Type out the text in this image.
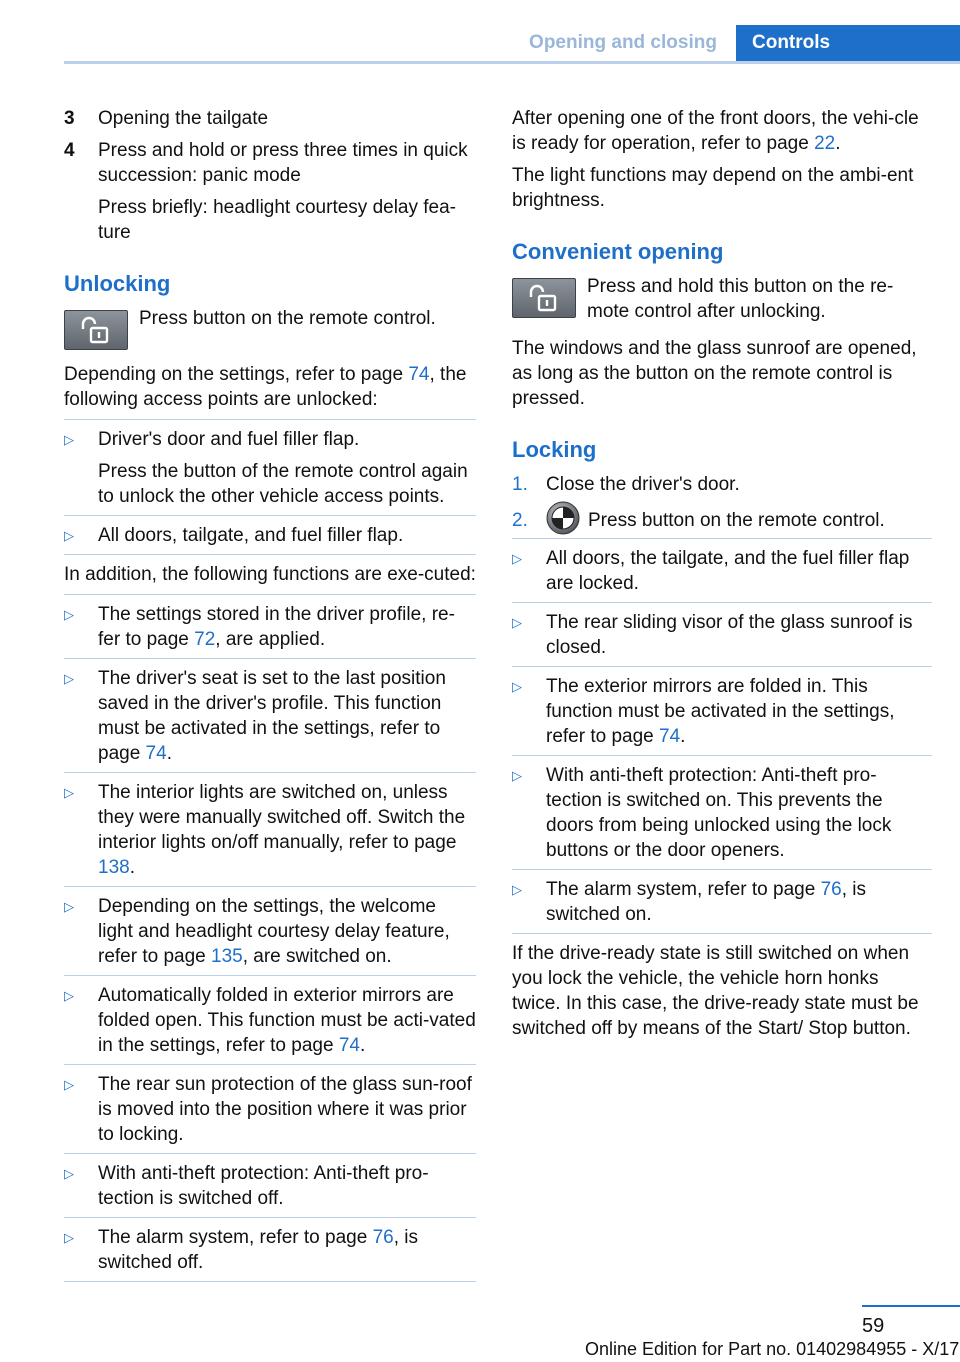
Opening and closing	Controls
3	Opening the tailgate

4	Press and hold or press three times in quick succession: panic mode

Press briefly: headlight courtesy delay fea-ture

Unlocking
Press button on the remote control.

Depending on the settings, refer to page 74, the following access points are unlocked:

▷	Driver's door and fuel filler flap.

Press the button of the remote control again to unlock the other vehicle access points.

▷	All doors, tailgate, and fuel filler flap.

In addition, the following functions are exe-cuted:

▷	The settings stored in the driver profile, re-fer to page 72, are applied.

▷	The driver's seat is set to the last position saved in the driver's profile. This function must be activated in the settings, refer to page 74.

▷	The interior lights are switched on, unless they were manually switched off. Switch the interior lights on/off manually, refer to page 138.

▷	Depending on the settings, the welcome light and headlight courtesy delay feature, refer to page 135, are switched on.

▷	Automatically folded in exterior mirrors are folded open. This function must be acti-vated in the settings, refer to page 74.

▷	The rear sun protection of the glass sun-roof is moved into the position where it was prior to locking.

▷	With anti-theft protection: Anti-theft pro-tection is switched off.

▷	The alarm system, refer to page 76, is switched off.

After opening one of the front doors, the vehi-cle is ready for operation, refer to page 22.

The light functions may depend on the ambi-ent brightness.

Convenient opening
Press and hold this button on the re-mote control after unlocking.

The windows and the glass sunroof are opened, as long as the button on the remote control is pressed.

Locking
1. Close the driver's door.
2.	Press button on the remote control.
▷	All doors, the tailgate, and the fuel filler flap are locked.

▷	The rear sliding visor of the glass sunroof is closed.

▷	The exterior mirrors are folded in. This function must be activated in the settings, refer to page 74.

▷	With anti-theft protection: Anti-theft pro-tection is switched on. This prevents the doors from being unlocked using the lock buttons or the door openers.

▷	The alarm system, refer to page 76, is switched on.

If the drive-ready state is still switched on when you lock the vehicle, the vehicle horn honks twice. In this case, the drive-ready state must be switched off by means of the Start/ Stop button.

59
Online Edition for Part no. 01402984955 - X/17
